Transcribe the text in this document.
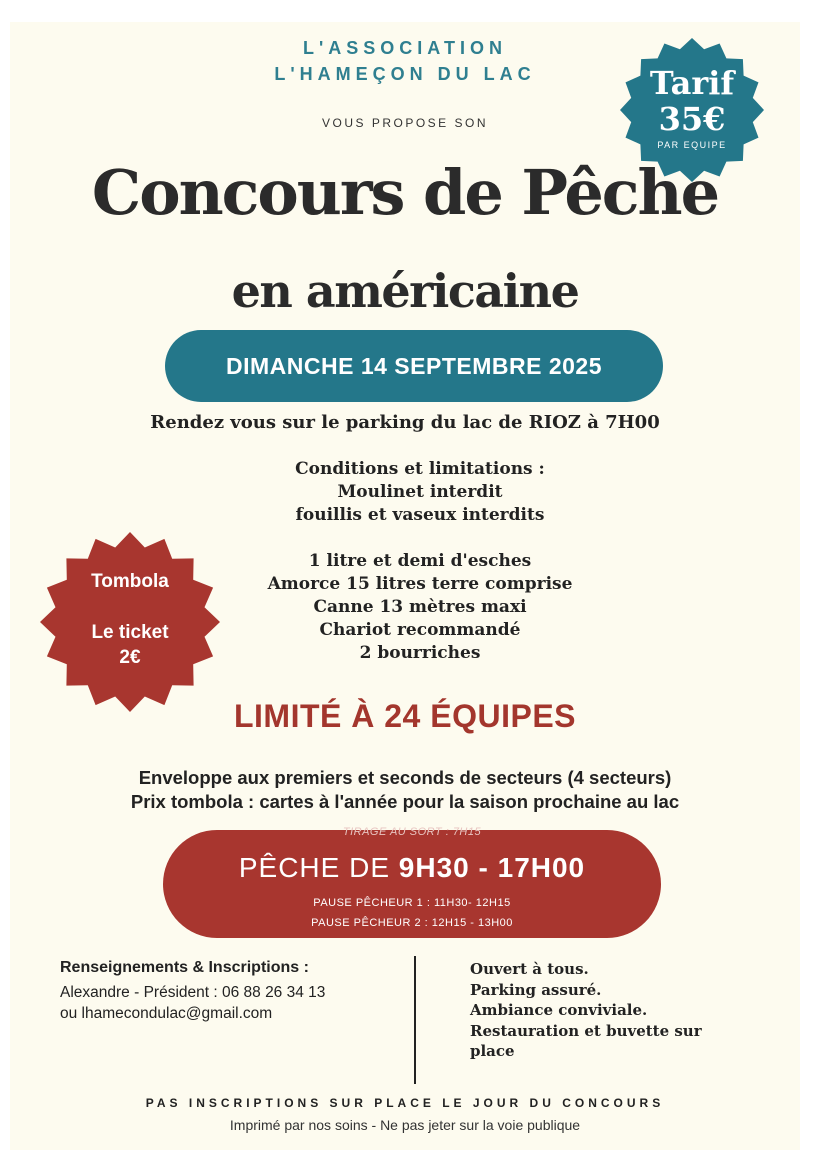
L'ASSOCIATION
L'HAMEÇON DU LAC
VOUS PROPOSE SON
Tarif
35€
PAR EQUIPE
Concours de Pêche
en américaine
DIMANCHE 14 SEPTEMBRE 2025
Rendez vous sur le parking du lac de RIOZ à 7H00
Conditions et limitations :
Moulinet interdit
fouillis et vaseux interdits
1 litre et demi d'esches
Amorce 15 litres terre comprise
Canne 13 mètres maxi
Chariot recommandé
2 bourriches
Tombola
Le ticket
2€
LIMITÉ À 24 ÉQUIPES
Enveloppe aux premiers et seconds de secteurs (4 secteurs)
Prix tombola : cartes à l'année pour la saison prochaine au lac
TIRAGE AU SORT : 7H15
PÊCHE DE 9H30 - 17H00
PAUSE PÊCHEUR 1 : 11H30- 12H15
PAUSE PÊCHEUR 2 : 12H15 - 13H00
Renseignements & Inscriptions :
Alexandre - Président : 06 88 26 34 13
ou lhamecondulac@gmail.com
Ouvert à tous.
Parking assuré.
Ambiance conviviale.
Restauration et buvette sur
place
PAS INSCRIPTIONS SUR PLACE LE JOUR DU CONCOURS
Imprimé par nos soins - Ne pas jeter sur la voie publique
